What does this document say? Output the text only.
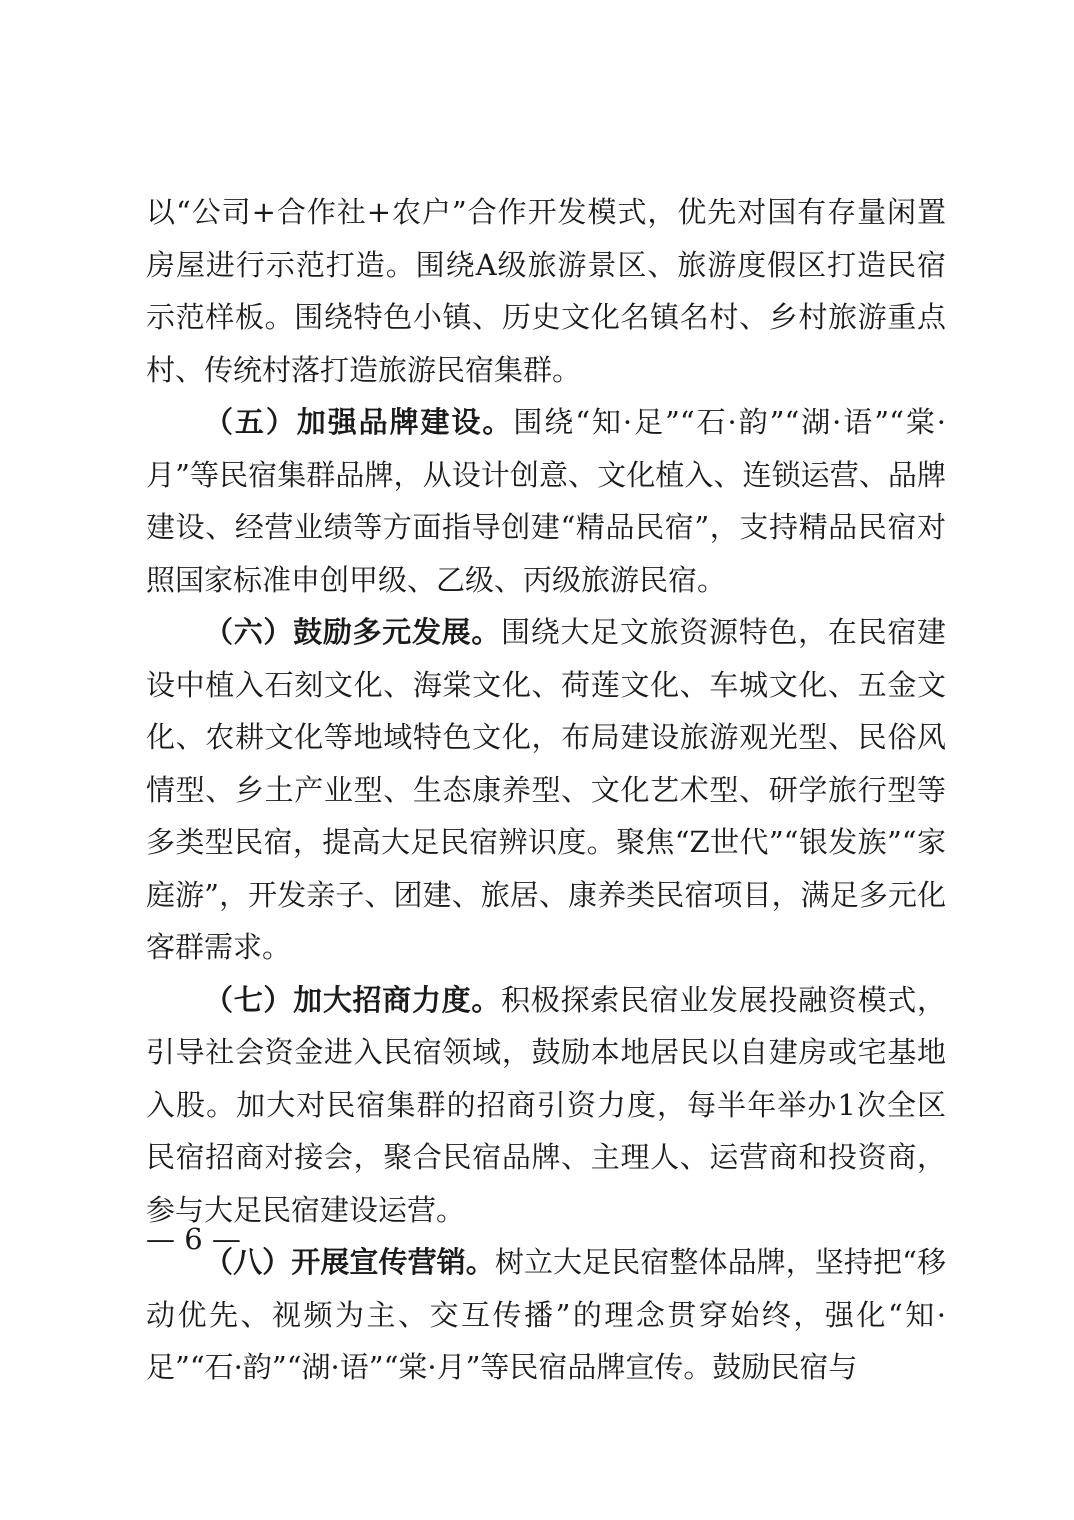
以“公司+合作社+农户”合作开发模式，优先对国有存量闲置房屋进行示范打造。围绕A级旅游景区、旅游度假区打造民宿示范样板。围绕特色小镇、历史文化名镇名村、乡村旅游重点村、传统村落打造旅游民宿集群。

（五）加强品牌建设。围绕“知·足”“石·韵”“湖·语”“棠·月”等民宿集群品牌，从设计创意、文化植入、连锁运营、品牌建设、经营业绩等方面指导创建“精品民宿”，支持精品民宿对照国家标准申创甲级、乙级、丙级旅游民宿。

（六）鼓励多元发展。围绕大足文旅资源特色，在民宿建设中植入石刻文化、海棠文化、荷莲文化、车城文化、五金文化、农耕文化等地域特色文化，布局建设旅游观光型、民俗风情型、乡土产业型、生态康养型、文化艺术型、研学旅行型等多类型民宿，提高大足民宿辨识度。聚焦“Z世代”“银发族”“家庭游”，开发亲子、团建、旅居、康养类民宿项目，满足多元化客群需求。

（七）加大招商力度。积极探索民宿业发展投融资模式，引导社会资金进入民宿领域，鼓励本地居民以自建房或宅基地入股。加大对民宿集群的招商引资力度，每半年举办1次全区民宿招商对接会，聚合民宿品牌、主理人、运营商和投资商，参与大足民宿建设运营。

（八）开展宣传营销。树立大足民宿整体品牌，坚持把“移动优先、视频为主、交互传播”的理念贯穿始终，强化“知·足”“石·韵”“湖·语”“棠·月”等民宿品牌宣传。鼓励民宿与

— 6 —
